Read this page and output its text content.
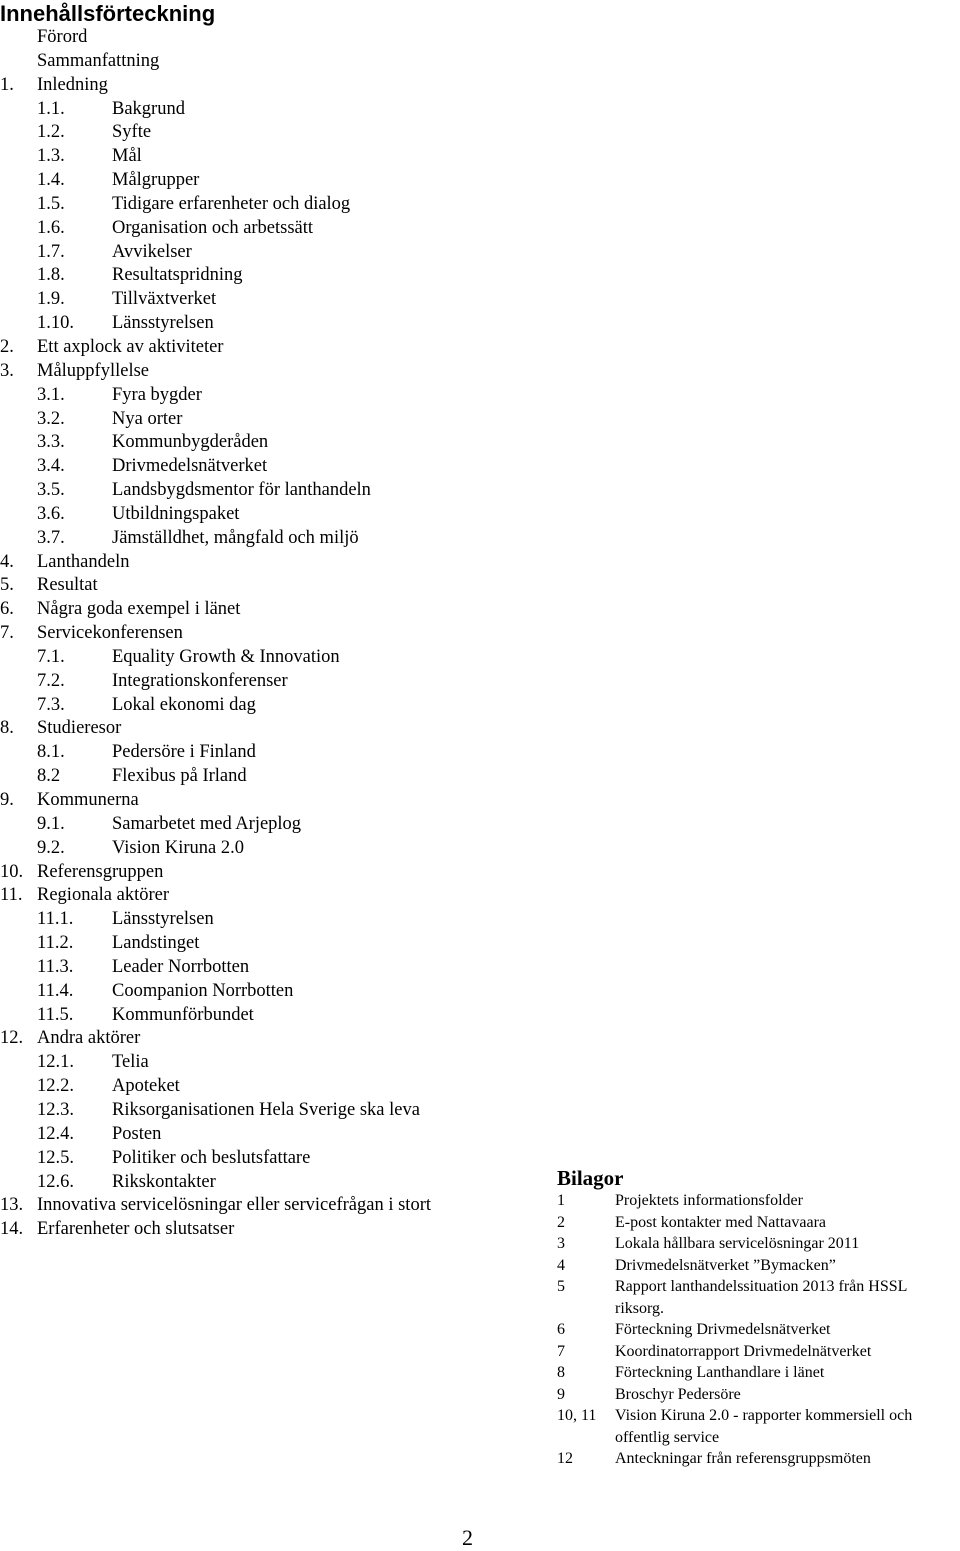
Innehållsförteckning
Förord
Sammanfattning
1. Inledning
1.1.	Bakgrund
1.2.	Syfte
1.3.	Mål
1.4.	Målgrupper
1.5.	Tidigare erfarenheter och dialog
1.6.	Organisation och arbetssätt
1.7.	Avvikelser
1.8.	Resultatspridning
1.9.	Tillväxtverket
1.10. Länsstyrelsen
2. Ett axplock av aktiviteter
3. Måluppfyllelse
3.1.	Fyra bygder
3.2.	Nya orter
3.3.	Kommunbygderåden
3.4.	Drivmedelsnätverket
3.5.	Landsbygdsmentor för lanthandeln
3.6.	Utbildningspaket
3.7.	Jämställdhet, mångfald och miljö
4. Lanthandeln
5. Resultat
6. Några goda exempel i länet
7. Servicekonferensen
7.1.	Equality Growth & Innovation
7.2.	Integrationskonferenser
7.3.	Lokal ekonomi dag
8. Studieresor
8.1.	Pedersöre i Finland
8.2	Flexibus på Irland
9. Kommunerna
9.1.	Samarbetet med Arjeplog
9.2.	Vision Kiruna 2.0
10. Referensgruppen
11. Regionala aktörer
11.1. Länsstyrelsen
11.2. Landstinget
11.3. Leader Norrbotten
11.4. Coompanion Norrbotten
11.5. Kommunförbundet
12. Andra aktörer
12.1. Telia
12.2. Apoteket
12.3. Riksorganisationen Hela Sverige ska leva
12.4. Posten
12.5. Politiker och beslutsfattare
12.6. Rikskontakter
13. Innovativa servicelösningar eller servicefrågan i stort
14. Erfarenheter och slutsatser
Bilagor
1	Projektets informationsfolder
2	E-post kontakter med Nattavaara
3	Lokala hållbara servicelösningar 2011
4	Drivmedelsnätverket ”Bymacken”
5	Rapport lanthandelssituation 2013 från HSSL riksorg.
6	Förteckning Drivmedelsnätverket
7	Koordinatorrapport Drivmedelnätverket
8	Förteckning Lanthandlare i länet
9	Broschyr Pedersöre
10, 11 Vision Kiruna 2.0 - rapporter kommersiell och offentlig service
12	Anteckningar från referensgruppsmöten
2
